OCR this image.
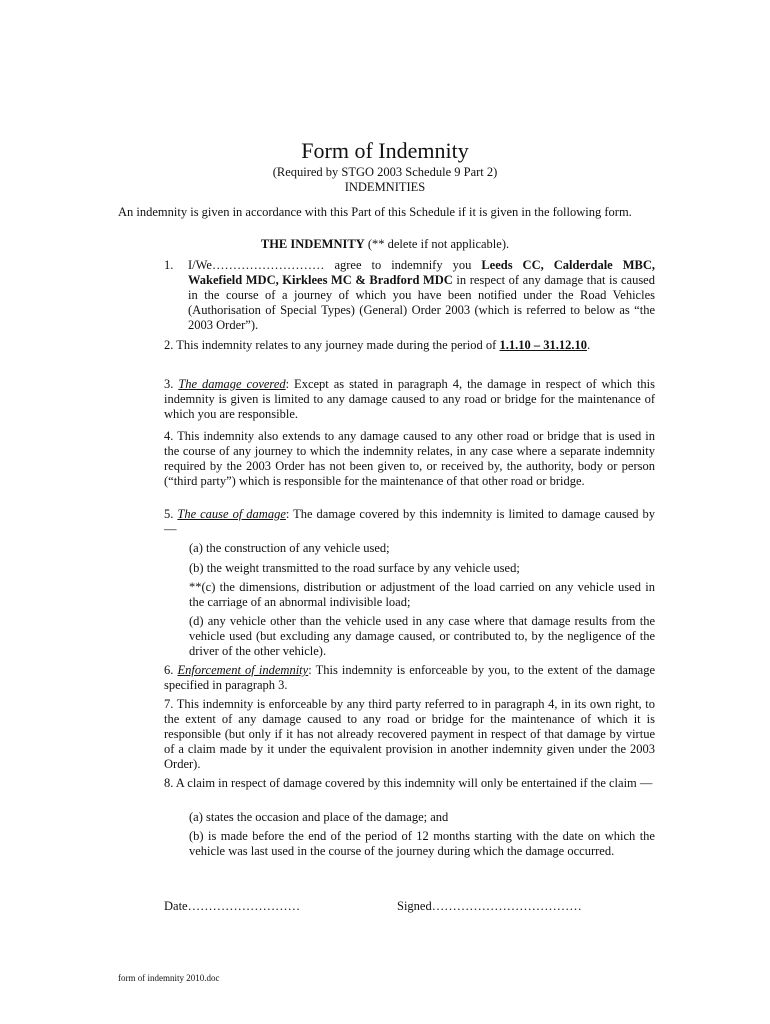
Form of Indemnity
(Required by STGO 2003 Schedule 9 Part 2)
INDEMNITIES
An indemnity is given in accordance with this Part of this Schedule if it is given in the following form.
THE INDEMNITY (** delete if not applicable).
1.	I/We……………………… agree to indemnify you Leeds CC, Calderdale MBC, Wakefield MDC, Kirklees MC & Bradford MDC in respect of any damage that is caused in the course of a journey of which you have been notified under the Road Vehicles (Authorisation of Special Types) (General) Order 2003 (which is referred to below as “the 2003 Order”).
2. This indemnity relates to any journey made during the period of 1.1.10 – 31.12.10.
3. The damage covered: Except as stated in paragraph 4, the damage in respect of which this indemnity is given is limited to any damage caused to any road or bridge for the maintenance of which you are responsible.
4. This indemnity also extends to any damage caused to any other road or bridge that is used in the course of any journey to which the indemnity relates, in any case where a separate indemnity required by the 2003 Order has not been given to, or received by, the authority, body or person (“third party”) which is responsible for the maintenance of that other road or bridge.
5. The cause of damage: The damage covered by this indemnity is limited to damage caused by —
(a) the construction of any vehicle used;
(b) the weight transmitted to the road surface by any vehicle used;
**(c) the dimensions, distribution or adjustment of the load carried on any vehicle used in the carriage of an abnormal indivisible load;
(d) any vehicle other than the vehicle used in any case where that damage results from the vehicle used (but excluding any damage caused, or contributed to, by the negligence of the driver of the other vehicle).
6. Enforcement of indemnity: This indemnity is enforceable by you, to the extent of the damage specified in paragraph 3.
7. This indemnity is enforceable by any third party referred to in paragraph 4, in its own right, to the extent of any damage caused to any road or bridge for the maintenance of which it is responsible (but only if it has not already recovered payment in respect of that damage by virtue of a claim made by it under the equivalent provision in another indemnity given under the 2003 Order).
8. A claim in respect of damage covered by this indemnity will only be entertained if the claim —
(a) states the occasion and place of the damage; and
(b) is made before the end of the period of 12 months starting with the date on which the vehicle was last used in the course of the journey during which the damage occurred.
Date………………………	Signed………………………………
form of indemnity 2010.doc
